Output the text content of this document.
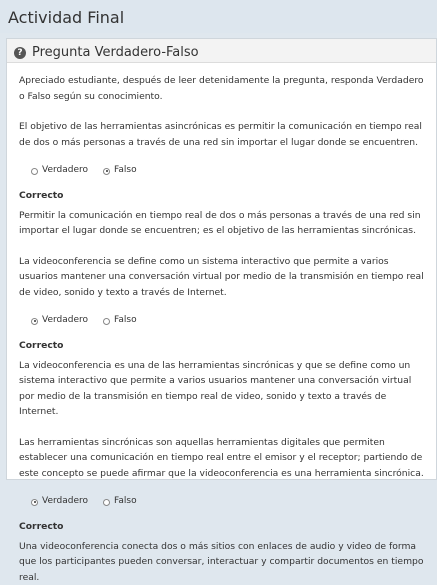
Actividad Final
? Pregunta Verdadero-Falso

Apreciado estudiante, después de leer detenidamente la pregunta, responda Verdadero o Falso según su conocimiento.

El objetivo de las herramientas asincrónicas es permitir la comunicación en tiempo real de dos o más personas a través de una red sin importar el lugar donde se encuentren.

Verdadero	Falso

Correcto

Permitir la comunicación en tiempo real de dos o más personas a través de una red sin importar el lugar donde se encuentren; es el objetivo de las herramientas sincrónicas.

La videoconferencia se define como un sistema interactivo que permite a varios usuarios mantener una conversación virtual por medio de la transmisión en tiempo real de video, sonido y texto a través de Internet.

Verdadero	Falso

Correcto

La videoconferencia es una de las herramientas sincrónicas y que se define como un sistema interactivo que permite a varios usuarios mantener una conversación virtual por medio de la transmisión en tiempo real de video, sonido y texto a través de Internet.

Las herramientas sincrónicas son aquellas herramientas digitales que permiten establecer una comunicación en tiempo real entre el emisor y el receptor; partiendo de este concepto se puede afirmar que la videoconferencia es una herramienta sincrónica.

Verdadero	Falso

Correcto

Una videoconferencia conecta dos o más sitios con enlaces de audio y video de forma que los participantes pueden conversar, interactuar y compartir documentos en tiempo real.
